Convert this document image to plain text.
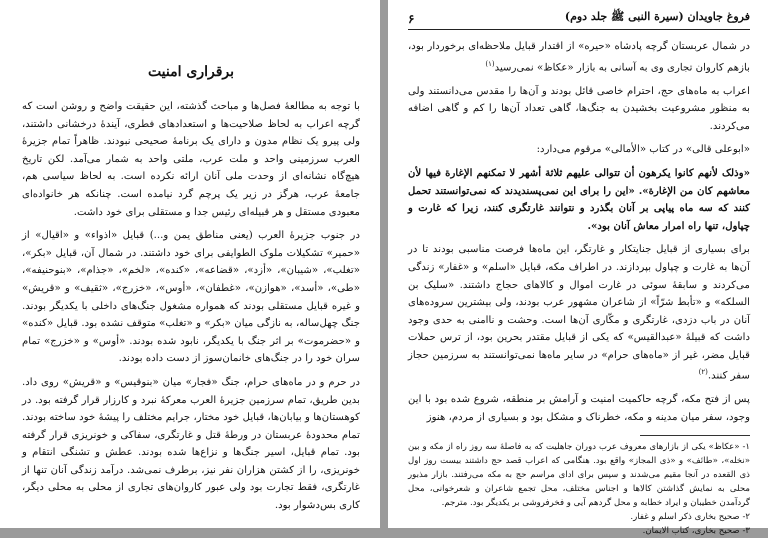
فروغ جاویدان (سیرة النبی ﷺ جلد دوم)
۶

در شمال عربستان گرچه پادشاه «حیره» از اقتدار قبایل ملاحظه‌ای برخوردار بود، بازهم کاروان تجاری وی به آسانی به بازار «عکاظ» نمی‌رسید$^{(۱)}$

اعراب به ماه‌های حج، احترام خاصی قائل بودند و آن‌ها را مقدس می‌دانستند ولی به منظور مشروعیت بخشیدن به جنگ‌ها، گاهی تعداد آن‌ها را کم و گاهی اضافه می‌کردند.

«ابوعلی قالی» در کتاب «الأمالی» مرقوم می‌دارد:

«وذلک لأنهم کانوا یکرهون أن تتوالی علیهم ثلاثة أشهر لا تمکنهم الإغارة فیها لأن معاشهم کان من الإغارة». «این را برای این نمی‌پسندیدند که نمی‌توانستند تحمل کنند که سه ماه پیاپی بر آنان بگذرد و نتوانند غارتگری کنند، زیرا که غارت و چپاول، تنها راه امرار معاش آنان بود».

برای بسیاری از قبایل جنایتکار و غارتگر، این ماه‌ها فرصت مناسبی بودند تا در آن‌ها به غارت و چپاول بپردازند. در اطراف مکه، قبایل «اسلم» و «غفار» زندگی می‌کردند و سابقهٔ سوئی در غارت اموال و کالاهای حجاج داشتند. «سلیک بن السلکه» و «تأبط شرّاً» از شاعران مشهور عرب بودند، ولی بیشترین سروده‌های آنان در باب دزدی، غارتگری و مکّاری آن‌ها است. وحشت و ناامنی به حدی وجود داشت که قبیلهٔ «عبدالقیس» که یکی از قبایل مقتدر بحرین بود، از ترس حملات قبایل مضر، غیر از «ماه‌های حرام» در سایر ماه‌ها نمی‌توانستند به سرزمین حجاز سفر کنند.$^{(۲)}$

پس از فتح مکه، گرچه حاکمیت امنیت و آرامش بر منطقه، شروع شده بود با این وجود، سفر میان مدینه و مکه، خطرناک و مشکل بود و بسیاری از مردم، هنوز

۱- «عکاظ» یکی از بازارهای معروف عرب دوران جاهلیت که به فاصلهٔ سه روز راه از مکه و بین «نخله»، «طائف» و «ذی المجاز» واقع بود. هنگامی که اعراب قصد حج داشتند بیست روز اول ذی القعده در آنجا مقیم می‌شدند و سپس برای ادای مراسم حج به مکه می‌رفتند. بازار مذبور محلی به نمایش گذاشتن کالاها و اجناس مختلف، محل تجمع شاعران و شعرخوانی، محل گردآمدن خطیبان و ایراد خطابه و محل گردهم آیی و فخرفروشی بر یکدیگر بود. مترجم.

۲- صحیح بخاری ذکر اسلم و غفار.

۳- صحیح بخاری، کتاب الایمان.

برقراری امنیت

با توجه به مطالعهٔ فصل‌ها و مباحث گذشته، این حقیقت واضح و روشن است که گرچه اعراب به لحاظ صلاحیت‌ها و استعدادهای فطری، آیندهٔ درخشانی داشتند، ولی پیرو یک نظام مدون و دارای یک برنامهٔ صحیحی نبودند. ظاهراً تمام جزیرهٔ العرب سرزمینی واحد و ملت عرب، ملتی واحد به شمار می‌آمد. لکن تاریخ هیچ‌گاه نشانه‌ای از وحدت ملی آنان ارائه نکرده است. به لحاظ سیاسی هم، جامعهٔ عرب، هرگز در زیر یک پرچم گرد نیامده است. چنانکه هر خانواده‌ای معبودی مستقل و هر قبیله‌ای رئیس جدا و مستقلی برای خود داشت.

در جنوب جزیرهٔ العرب (یعنی مناطق یمن و...) قبایل «اذواء» و «اقیال» از «حمیر» تشکیلات ملوک الطوایفی برای خود داشتند. در شمال آن، قبایل «بکر»، «تغلب»، «شیبان»، «أزد»، «قضاعه»، «کنده»، «لخم»، «جذام»، «بنوحنیفه»، «طی»، «أسد»، «هوازن»، «غطفان»، «أوس»، «خزرج»، «ثقیف» و «قریش» و غیره قبایل مستقلی بودند که همواره مشغول جنگ‌های داخلی با یکدیگر بودند. جنگ چهل‌ساله، به نازگی میان «بکر» و «تغلب» متوقف نشده بود. قبایل «کنده» و «حضرموت» بر اثر جنگ با یکدیگر، نابود شده بودند. «أوس» و «خزرج» تمام سران خود را در جنگ‌های خانمان‌سوز از دست داده بودند.

در حرم و در ماه‌های حرام، جنگ «فجار» میان «بنوقیس» و «قریش» روی داد. بدین طریق، تمام سرزمین جزیرهٔ العرب معرکهٔ نبرد و کارزار قرار گرفته بود. در کوهستان‌ها و بیابان‌ها، قبایل خود مختار، جرایم مختلف را پیشهٔ خود ساخته بودند. تمام محدودهٔ عربستان در ورطهٔ قتل و غارتگری، سفاکی و خونریزی قرار گرفته بود. تمام قبایل، اسیر جنگ‌ها و نزاع‌ها شده بودند. عطش و تشنگی انتقام و خونریزی، را از کشتن هزاران نفر نیز، برطرف نمی‌شد. درآمد زندگی آنان تنها از غارتگری، فقط تجارت بود ولی عبور کاروان‌های تجاری از محلی به محلی دیگر، کاری بس‌دشوار بود.
